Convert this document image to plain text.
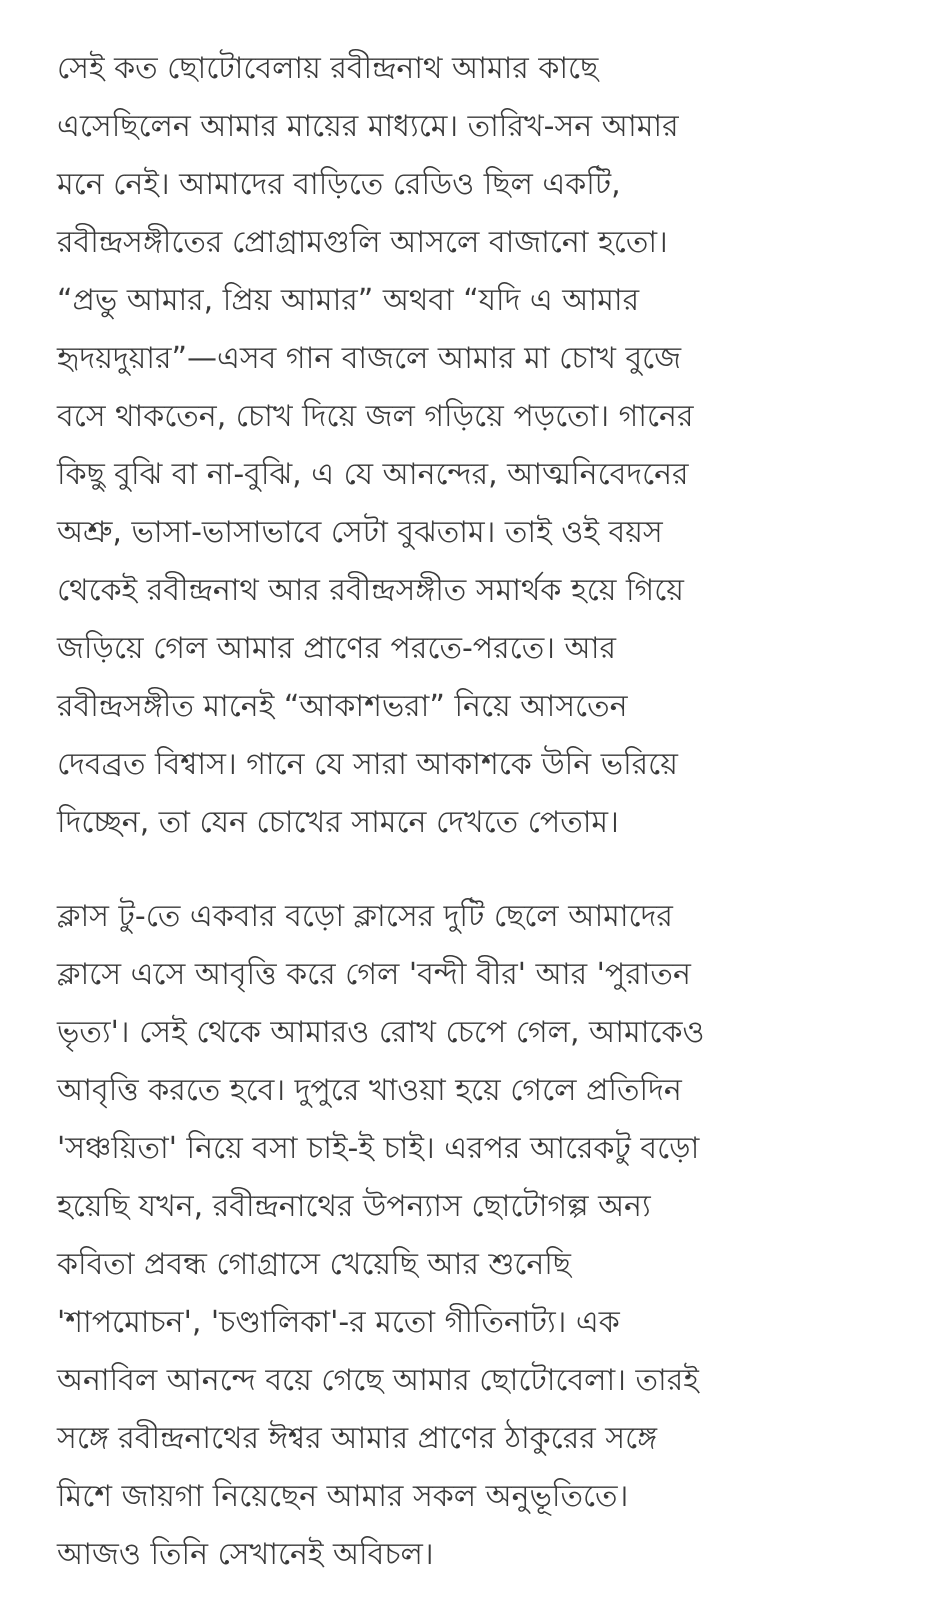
সেই কত ছোটোবেলায় রবীন্দ্রনাথ আমার কাছে
এসেছিলেন আমার মায়ের মাধ্যমে। তারিখ-সন আমার
মনে নেই। আমাদের বাড়িতে রেডিও ছিল একটি,
রবীন্দ্রসঙ্গীতের প্রোগ্রামগুলি আসলে বাজানো হতো।
“প্রভু আমার, প্রিয় আমার” অথবা “যদি এ আমার
হৃদয়দুয়ার”—এসব গান বাজলে আমার মা চোখ বুজে
বসে থাকতেন, চোখ দিয়ে জল গড়িয়ে পড়তো। গানের
কিছু বুঝি বা না-বুঝি, এ যে আনন্দের, আত্মনিবেদনের
অশ্রু, ভাসা-ভাসাভাবে সেটা বুঝতাম। তাই ওই বয়স
থেকেই রবীন্দ্রনাথ আর রবীন্দ্রসঙ্গীত সমার্থক হয়ে গিয়ে
জড়িয়ে গেল আমার প্রাণের পরতে-পরতে। আর
রবীন্দ্রসঙ্গীত মানেই “আকাশভরা” নিয়ে আসতেন
দেবব্রত বিশ্বাস। গানে যে সারা আকাশকে উনি ভরিয়ে
দিচ্ছেন, তা যেন চোখের সামনে দেখতে পেতাম।
ক্লাস টু-তে একবার বড়ো ক্লাসের দুটি ছেলে আমাদের
ক্লাসে এসে আবৃত্তি করে গেল 'বন্দী বীর' আর 'পুরাতন
ভৃত্য'। সেই থেকে আমারও রোখ চেপে গেল, আমাকেও
আবৃত্তি করতে হবে। দুপুরে খাওয়া হয়ে গেলে প্রতিদিন
'সঞ্চয়িতা' নিয়ে বসা চাই-ই চাই। এরপর আরেকটু বড়ো
হয়েছি যখন, রবীন্দ্রনাথের উপন্যাস ছোটোগল্প অন্য
কবিতা প্রবন্ধ গোগ্রাসে খেয়েছি আর শুনেছি
'শাপমোচন', 'চণ্ডালিকা'-র মতো গীতিনাট্য। এক
অনাবিল আনন্দে বয়ে গেছে আমার ছোটোবেলা। তারই
সঙ্গে রবীন্দ্রনাথের ঈশ্বর আমার প্রাণের ঠাকুরের সঙ্গে
মিশে জায়গা নিয়েছেন আমার সকল অনুভূতিতে।
আজও তিনি সেখানেই অবিচল।
